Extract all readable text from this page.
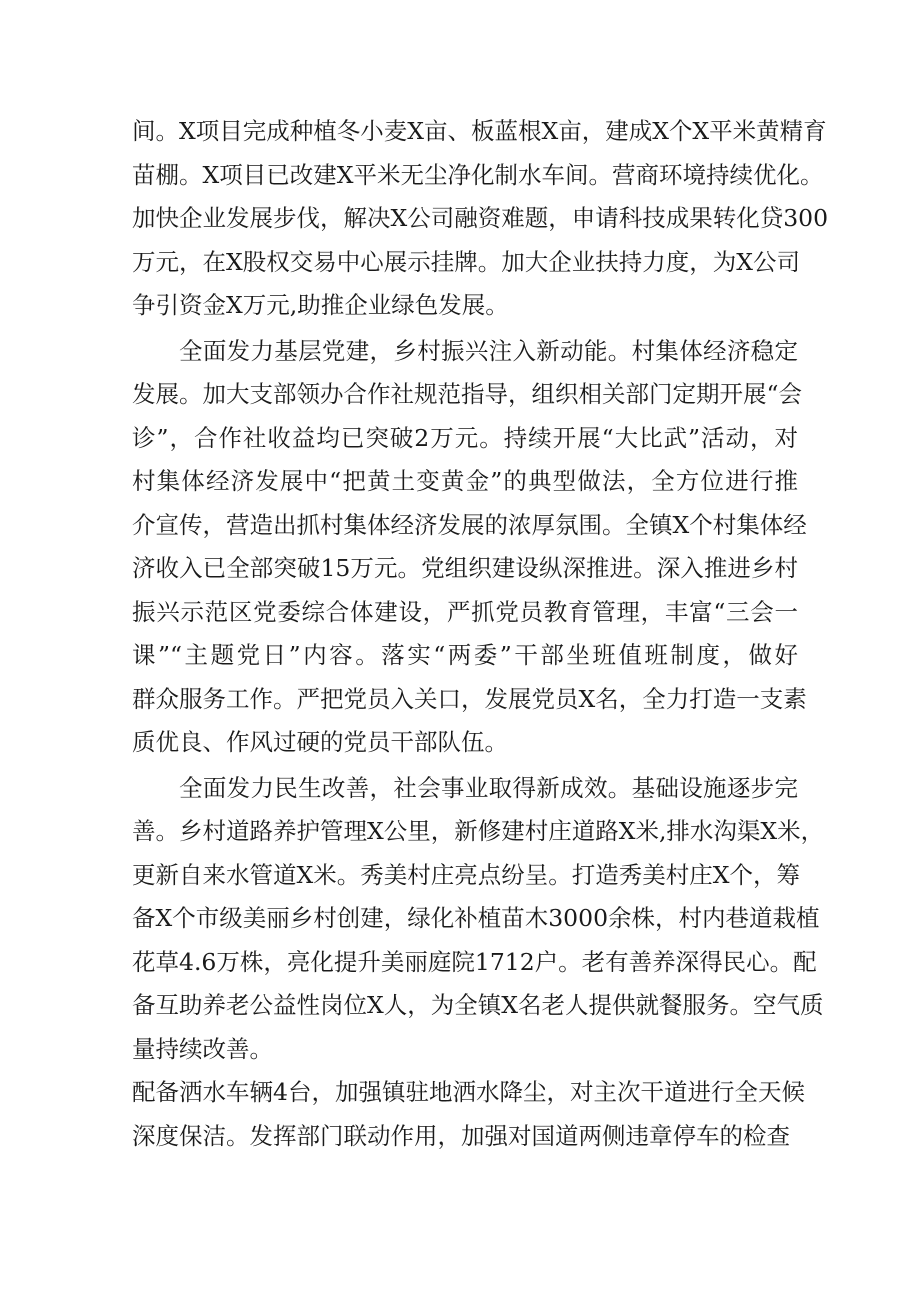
间。X项目完成种植冬小麦X亩、板蓝根X亩，建成X个X平米黄精育
苗棚。X项目已改建X平米无尘净化制水车间。营商环境持续优化。
加快企业发展步伐，解决X公司融资难题，申请科技成果转化贷300
万元，在X股权交易中心展示挂牌。加大企业扶持力度，为X公司
争引资金X万元,助推企业绿色发展。
全面发力基层党建，乡村振兴注入新动能。村集体经济稳定
发展。加大支部领办合作社规范指导，组织相关部门定期开展“会
诊”，合作社收益均已突破2万元。持续开展“大比武”活动，对
村集体经济发展中“把黄土变黄金”的典型做法，全方位进行推
介宣传，营造出抓村集体经济发展的浓厚氛围。全镇X个村集体经
济收入已全部突破15万元。党组织建设纵深推进。深入推进乡村
振兴示范区党委综合体建设，严抓党员教育管理，丰富“三会一
课”“主题党日”内容。落实“两委”干部坐班值班制度，做好
群众服务工作。严把党员入关口，发展党员X名，全力打造一支素
质优良、作风过硬的党员干部队伍。
全面发力民生改善，社会事业取得新成效。基础设施逐步完
善。乡村道路养护管理X公里，新修建村庄道路X米,排水沟渠X米，
更新自来水管道X米。秀美村庄亮点纷呈。打造秀美村庄X个，筹
备X个市级美丽乡村创建，绿化补植苗木3000余株，村内巷道栽植
花草4.6万株，亮化提升美丽庭院1712户。老有善养深得民心。配
备互助养老公益性岗位X人，为全镇X名老人提供就餐服务。空气质
量持续改善。
配备洒水车辆4台，加强镇驻地洒水降尘，对主次干道进行全天候
深度保洁。发挥部门联动作用，加强对国道两侧违章停车的检查
